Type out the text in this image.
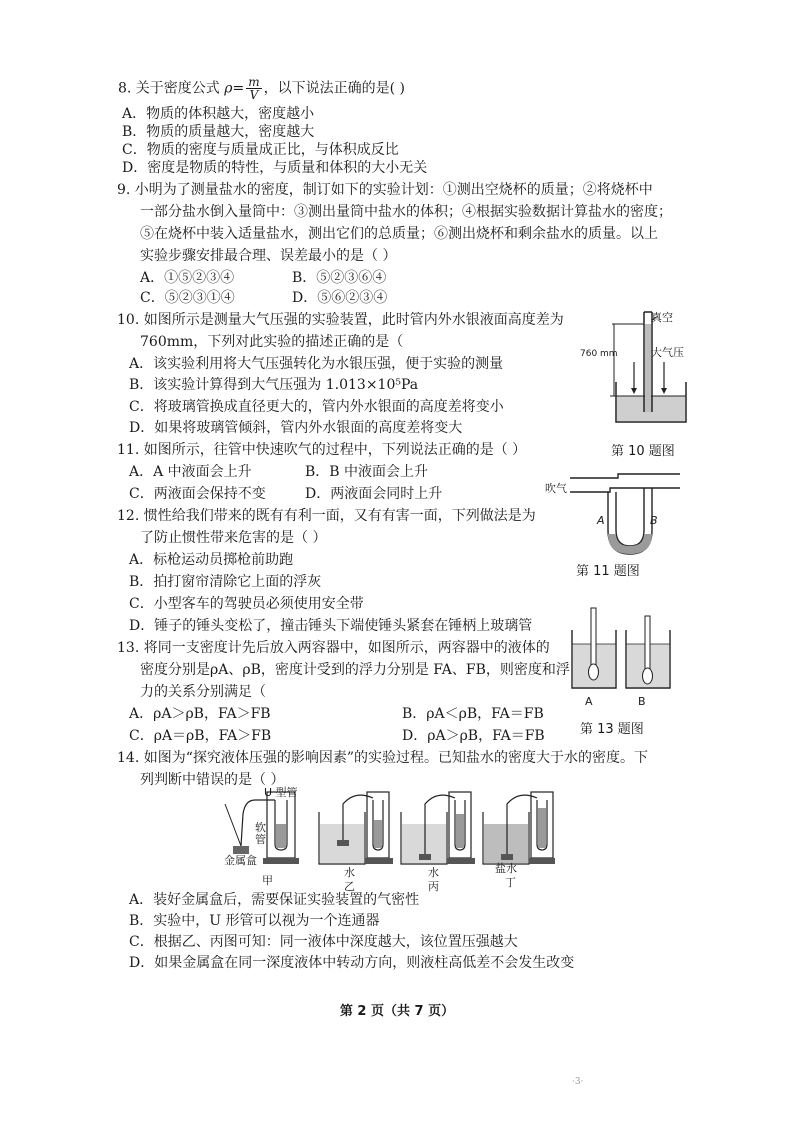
8. 关于密度公式 $\rho= \frac{m}{V}$ ，以下说法正确的是( )
A．物质的体积越大，密度越小
B．物质的质量越大，密度越大
C．物质的密度与质量成正比，与体积成反比
D．密度是物质的特性，与质量和体积的大小无关
9. 小明为了测量盐水的密度，制订如下的实验计划：①测出空烧杯的质量；②将烧杯中
一部分盐水倒入量筒中：③测出量筒中盐水的体积；④根据实验数据计算盐水的密度；
⑤在烧杯中装入适量盐水，测出它们的总质量；⑥测出烧杯和剩余盐水的质量。以上
实验步骤安排最合理、误差最小的是（ ）
A．①⑤②③④	B．⑤②③⑥④
C．⑤②③①④	D．⑤⑥②③④
10. 如图所示是测量大气压强的实验装置，此时管内外水银液面高度差为
760mm，下列对此实验的描述正确的是（
A．该实验利用将大气压强转化为水银压强，便于实验的测量
B．该实验计算得到大气压强为 1.013×10⁵Pa
C．将玻璃管换成直径更大的，管内外水银面的高度差将变小
D．如果将玻璃管倾斜，管内外水银面的高度差将变大
真空
大气压
760 mm
第 10 题图
11. 如图所示，往管中快速吹气的过程中，下列说法正确的是（ ）
A．A 中液面会上升	B．B 中液面会上升
C．两液面会保持不变	D．两液面会同时上升	吹气
A	B
第 11 题图
12. 惯性给我们带来的既有有利一面，又有有害一面，下列做法是为
了防止惯性带来危害的是（ ）
A．标枪运动员掷枪前助跑
B．拍打窗帘清除它上面的浮灰
C．小型客车的驾驶员必须使用安全带
D．锤子的锤头变松了，撞击锤头下端使锤头紧套在锤柄上玻璃管
13. 将同一支密度计先后放入两容器中，如图所示，两容器中的液体的
密度分别是ρA、ρB，密度计受到的浮力分别是 FA、FB，则密度和浮
力的关系分别满足（
A．ρA＞ρB，FA＞FB	B．ρA＜ρB，FA＝FB
C．ρA＝ρB，FA＞FB	D．ρA＞ρB，FA＝FB
A	B
第 13 题图
14. 如图为“探究液体压强的影响因素”的实验过程。已知盐水的密度大于水的密度。下
列判断中错误的是（ ）
U 型管
软管
金属盒
甲
水
乙
水
丙
盐水
丁
A．装好金属盒后，需要保证实验装置的气密性
B．实验中，U 形管可以视为一个连通器
C．根据乙、丙图可知：同一液体中深度越大，该位置压强越大
D．如果金属盒在同一深度液体中转动方向，则液柱高低差不会发生改变
第 2 页（共 7 页）
·3·
